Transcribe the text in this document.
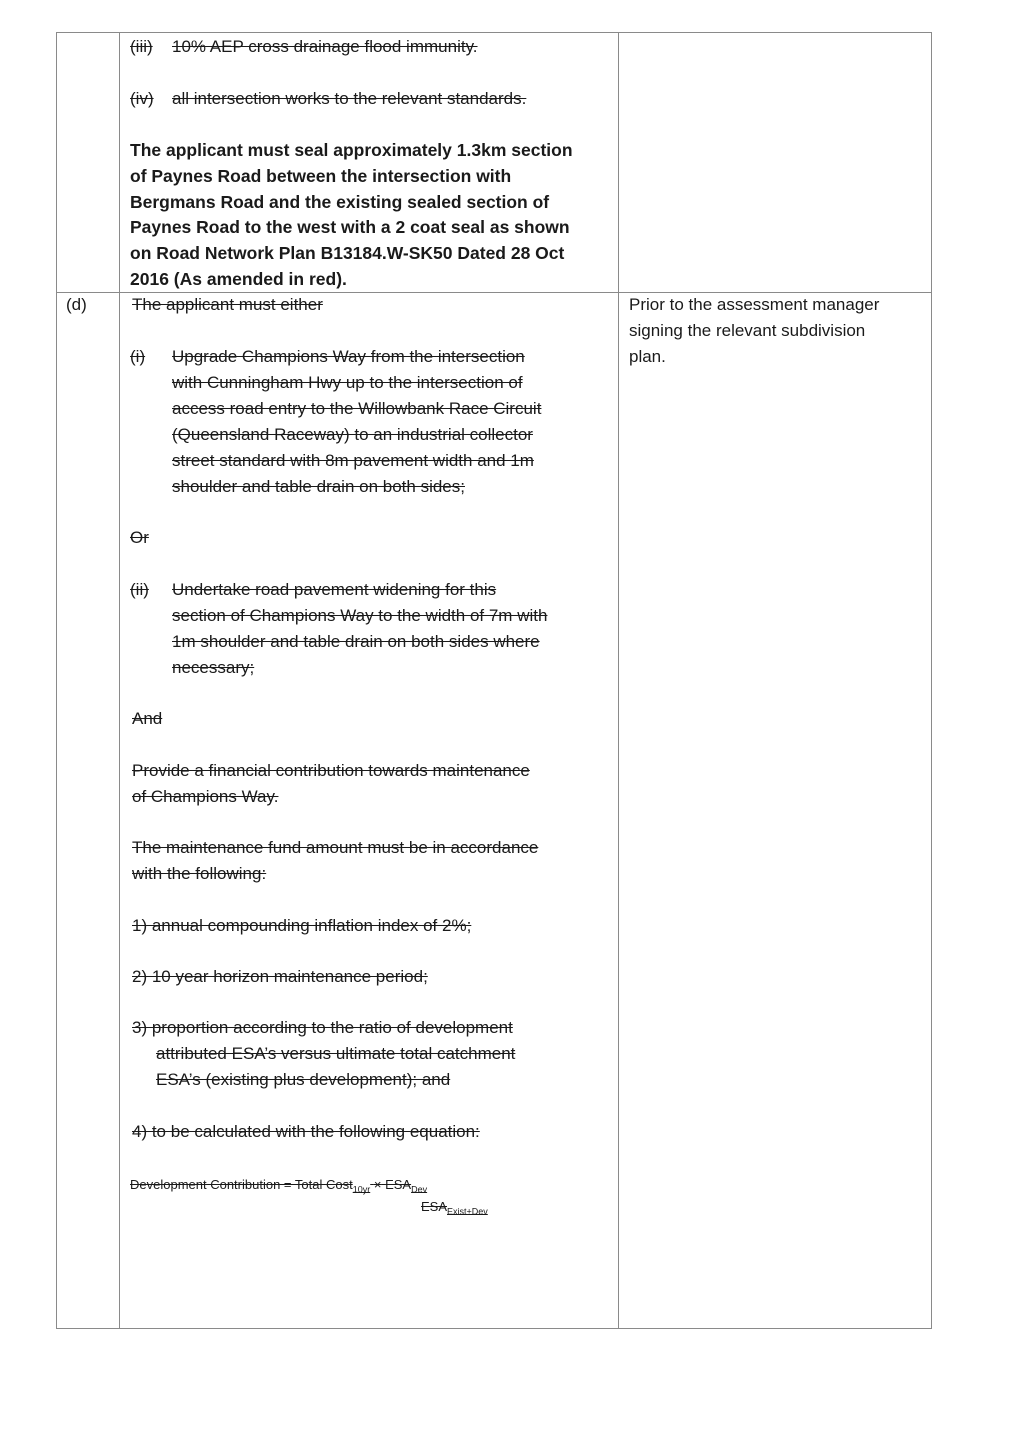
(iii) 10% AEP cross drainage flood immunity.

(iv) all intersection works to the relevant standards.

The applicant must seal approximately 1.3km section

of Paynes Road between the intersection with

Bergmans Road and the existing sealed section of

Paynes Road to the west with a 2 coat seal as shown

on Road Network Plan B13184.W-SK50 Dated 28 Oct

2016 (As amended in red).

(d)	Prior to the assessment manager

signing the relevant subdivision

plan.

The applicant must either

(i) Upgrade Champions Way from the intersection

with Cunningham Hwy up to the intersection of

access road entry to the Willowbank Race Circuit

(Queensland Raceway) to an industrial collector

street standard with 8m pavement width and 1m

shoulder and table drain on both sides;

Or

(ii) Undertake road pavement widening for this

section of Champions Way to the width of 7m with

1m shoulder and table drain on both sides where

necessary;

And

Provide a financial contribution towards maintenance

of Champions Way.

The maintenance fund amount must be in accordance

with the following:

1) annual compounding inflation index of 2%;

2) 10 year horizon maintenance period;

3) proportion according to the ratio of development

attributed ESA’s versus ultimate total catchment

ESA’s (existing plus development); and

4) to be calculated with the following equation:

Development Contribution = Total Cost$_{10yr}$ × $ESA_{Dev}$
$ESA_{Exist+Dev}$
